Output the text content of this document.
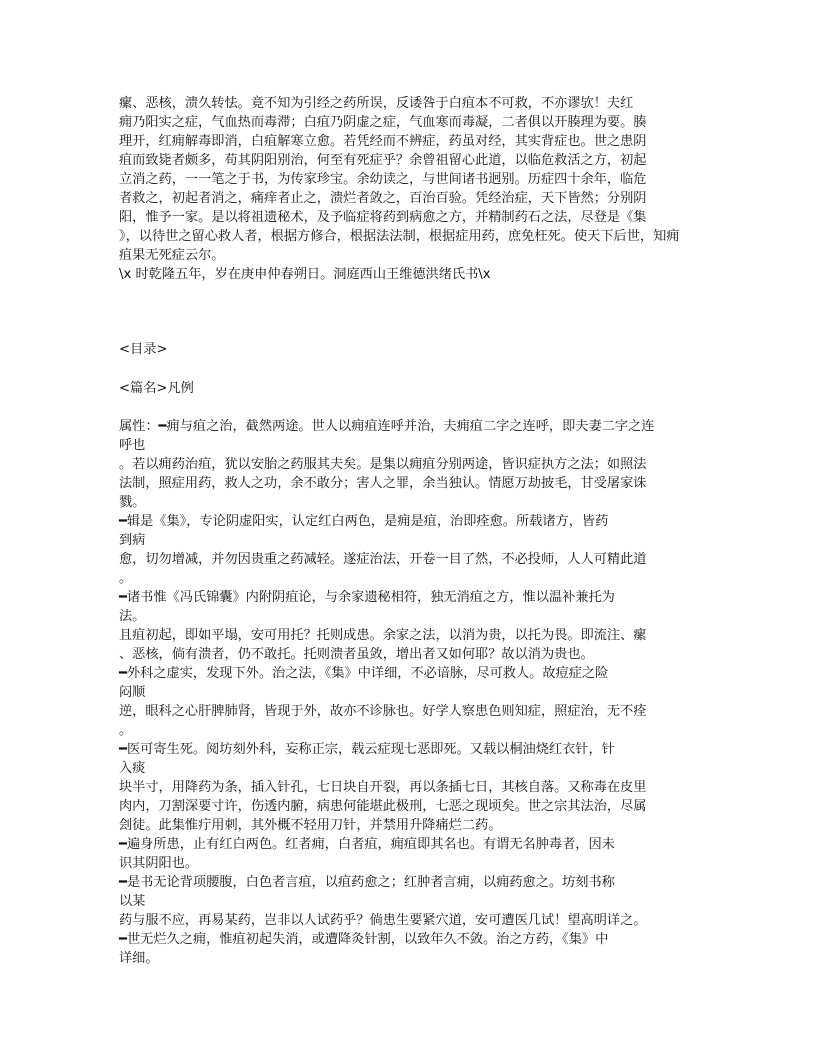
瘰、恶核，溃久转怯。竟不知为引经之药所误，反诿咎于白疽本不可救，不亦谬欤！夫红

痈乃阳实之症，气血热而毒滞；白疽乃阴虚之症，气血寒而毒凝，二者俱以开腠理为要。腠

理开，红痈解毒即消，白疽解寒立愈。若凭经而不辨症，药虽对经，其实背症也。世之患阴

疽而致毙者颇多，苟其阴阳别治，何至有死症乎？余曾祖留心此道，以临危救活之方，初起

立消之药，一一笔之于书，为传家珍宝。余幼读之，与世间诸书迥别。历症四十余年，临危

者救之，初起者消之，痛痒者止之，溃烂者敛之，百治百验。凭经治症，天下皆然；分别阴

阳，惟予一家。是以将祖遗秘术，及予临症将药到病愈之方，并精制药石之法，尽登是《集

》，以待世之留心救人者，根据方修合，根据法法制，根据症用药，庶免枉死。使天下后世，知痈

疽果无死症云尔。

\x 时乾隆五年，岁在庚申仲春朔日。洞庭西山王维德洪绪氏书\x

<目录>

<篇名>凡例

属性：━痈与疽之治，截然两途。世人以痈疽连呼并治，夫痈疽二字之连呼，即夫妻二字之连

呼也

。若以痈药治疽，犹以安胎之药服其夫矣。是集以痈疽分别两途，皆识症执方之法；如照法

法制，照症用药，救人之功，余不敢分；害人之罪，余当独认。情愿万劫披毛，甘受屠家诛

戮。

━辑是《集》，专论阴虚阳实，认定红白两色，是痈是疽，治即痊愈。所载诸方，皆药

到病

愈，切勿增减，并勿因贵重之药减轻。遂症治法，开卷一目了然，不必投师，人人可精此道

。

━诸书惟《冯氏锦囊》内附阴疽论，与余家遗秘相符，独无消疽之方，惟以温补兼托为

法。

且疽初起，即如平塌，安可用托？托则成患。余家之法，以消为贵，以托为畏。即流注、瘰

、恶核，倘有溃者，仍不敢托。托则溃者虽敛，增出者又如何耶？故以消为贵也。

━外科之虚实，发现下外。治之法，《集》中详细，不必谙脉，尽可救人。故痘症之险

闷顺

逆，眼科之心肝脾肺肾，皆现于外，故亦不诊脉也。好学人察患色则知症，照症治，无不痊

。

━医可寄生死。阅坊刻外科，妄称正宗，载云症现七恶即死。又载以桐油烧红衣针，针

入痰

块半寸，用降药为条，插入针孔，七日块自开裂，再以条插七日，其核自落。又称毒在皮里

肉内，刀割深要寸许，伤透内腑，病患何能堪此极刑，七恶之现顷矣。世之宗其法治，尽属

刽徒。此集惟疔用刺，其外概不轻用刀针，并禁用升降痛烂二药。

━遍身所患，止有红白两色。红者痈，白者疽，痈疽即其名也。有谓无名肿毒者，因未

识其阴阳也。

━是书无论背项腰腹，白色者言疽，以疽药愈之；红肿者言痈，以痈药愈之。坊刻书称

以某

药与服不应，再易某药，岂非以人试药乎？倘患生要紧穴道，安可遭医几试！望高明详之。

━世无烂久之痈，惟疽初起失消，或遭降灸针割，以致年久不敛。治之方药，《集》中

详细。
